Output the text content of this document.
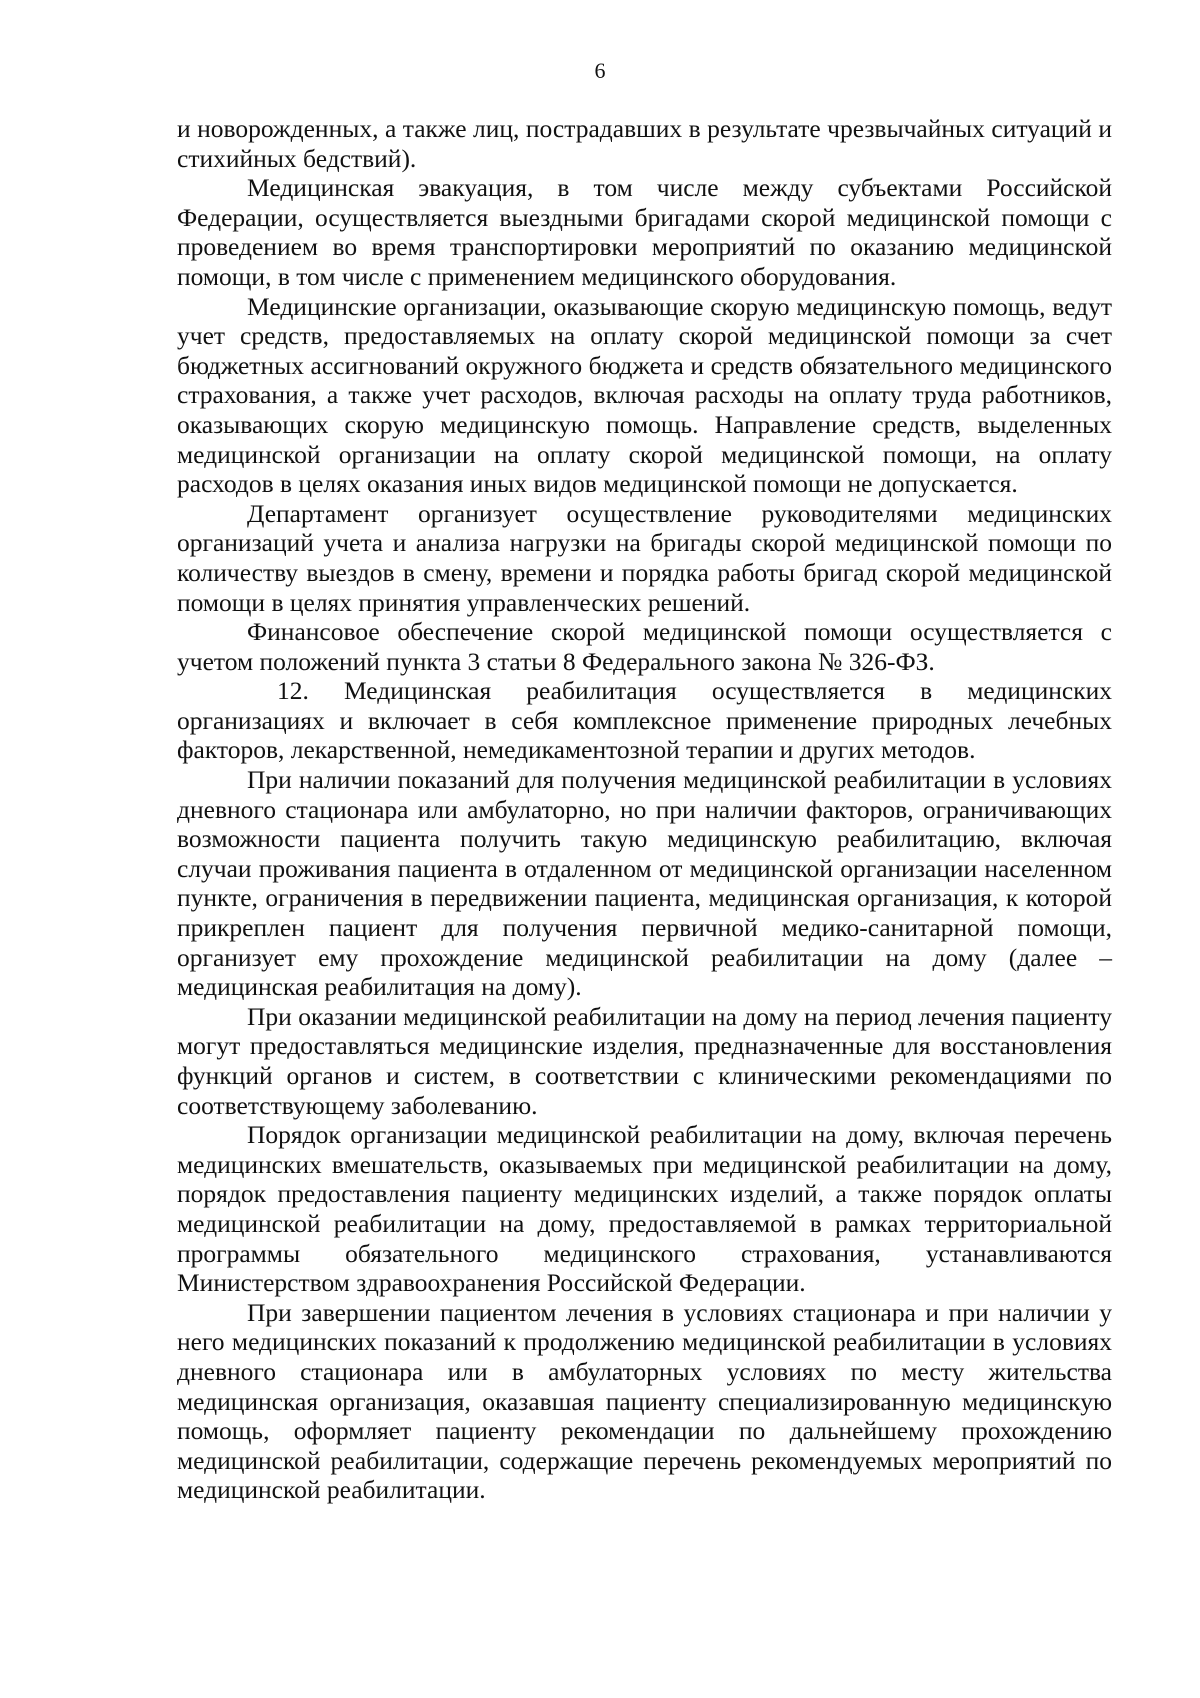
6

и новорожденных, а также лиц, пострадавших в результате чрезвычайных ситуаций и стихийных бедствий).

Медицинская эвакуация, в том числе между субъектами Российской Федерации, осуществляется выездными бригадами скорой медицинской помощи с проведением во время транспортировки мероприятий по оказанию медицинской помощи, в том числе с применением медицинского оборудования.

Медицинские организации, оказывающие скорую медицинскую помощь, ведут учет средств, предоставляемых на оплату скорой медицинской помощи за счет бюджетных ассигнований окружного бюджета и средств обязательного медицинского страхования, а также учет расходов, включая расходы на оплату труда работников, оказывающих скорую медицинскую помощь. Направление средств, выделенных медицинской организации на оплату скорой медицинской помощи, на оплату расходов в целях оказания иных видов медицинской помощи не допускается.

Департамент организует осуществление руководителями медицинских организаций учета и анализа нагрузки на бригады скорой медицинской помощи по количеству выездов в смену, времени и порядка работы бригад скорой медицинской помощи в целях принятия управленческих решений.

Финансовое обеспечение скорой медицинской помощи осуществляется с учетом положений пункта 3 статьи 8 Федерального закона № 326-ФЗ.

12. Медицинская реабилитация осуществляется в медицинских организациях и включает в себя комплексное применение природных лечебных факторов, лекарственной, немедикаментозной терапии и других методов.

При наличии показаний для получения медицинской реабилитации в условиях дневного стационара или амбулаторно, но при наличии факторов, ограничивающих возможности пациента получить такую медицинскую реабилитацию, включая случаи проживания пациента в отдаленном от медицинской организации населенном пункте, ограничения в передвижении пациента, медицинская организация, к которой прикреплен пациент для получения первичной медико-санитарной помощи, организует ему прохождение медицинской реабилитации на дому (далее – медицинская реабилитация на дому).

При оказании медицинской реабилитации на дому на период лечения пациенту могут предоставляться медицинские изделия, предназначенные для восстановления функций органов и систем, в соответствии с клиническими рекомендациями по соответствующему заболеванию.

Порядок организации медицинской реабилитации на дому, включая перечень медицинских вмешательств, оказываемых при медицинской реабилитации на дому, порядок предоставления пациенту медицинских изделий, а также порядок оплаты медицинской реабилитации на дому, предоставляемой в рамках территориальной программы обязательного медицинского страхования, устанавливаются Министерством здравоохранения Российской Федерации.

При завершении пациентом лечения в условиях стационара и при наличии у него медицинских показаний к продолжению медицинской реабилитации в условиях дневного стационара или в амбулаторных условиях по месту жительства медицинская организация, оказавшая пациенту специализированную медицинскую помощь, оформляет пациенту рекомендации по дальнейшему прохождению медицинской реабилитации, содержащие перечень рекомендуемых мероприятий по медицинской реабилитации.
